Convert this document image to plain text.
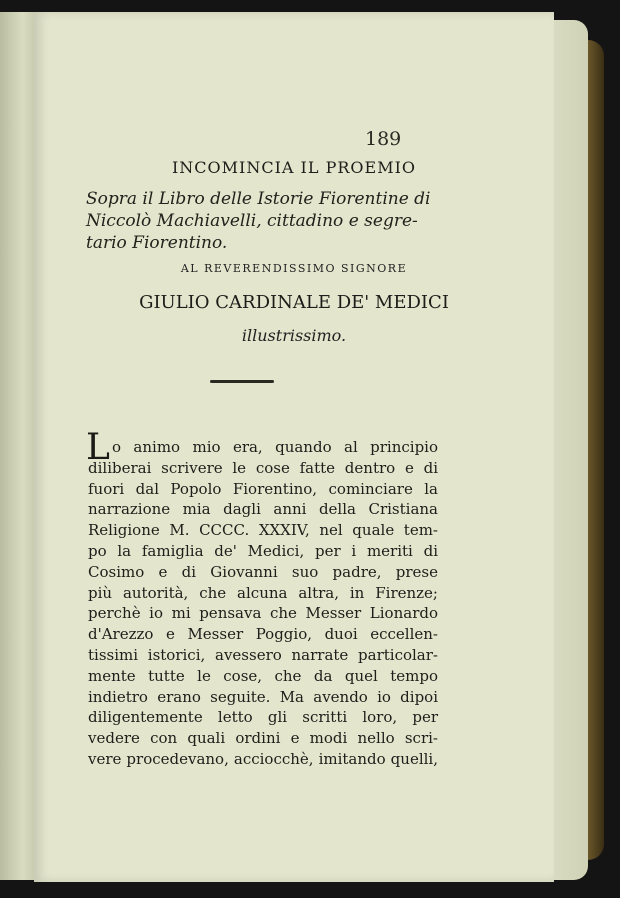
189
INCOMINCIA IL PROEMIO
Sopra il Libro delle Istorie Fiorentine di
Niccolò Machiavelli, cittadino e segre-
tario Fiorentino.
AL REVERENDISSIMO SIGNORE
GIULIO CARDINALE DE' MEDICI
illustrissimo.
L o animo mio era, quando al principio
diliberai scrivere le cose fatte dentro e di
fuori dal Popolo Fiorentino, cominciare la
narrazione mia dagli anni della Cristiana
Religione M. CCCC. XXXIV, nel quale tem-
po la famiglia de' Medici, per i meriti di
Cosimo e di Giovanni suo padre, prese
più autorità, che alcuna altra, in Firenze;
perchè io mi pensava che Messer Lionardo
d'Arezzo e Messer Poggio, duoi eccellen-
tissimi istorici, avessero narrate particolar-
mente tutte le cose, che da quel tempo
indietro erano seguite. Ma avendo io dipoi
diligentemente letto gli scritti loro, per
vedere con quali ordini e modi nello scri-
vere procedevano, acciocchè, imitando quelli,
